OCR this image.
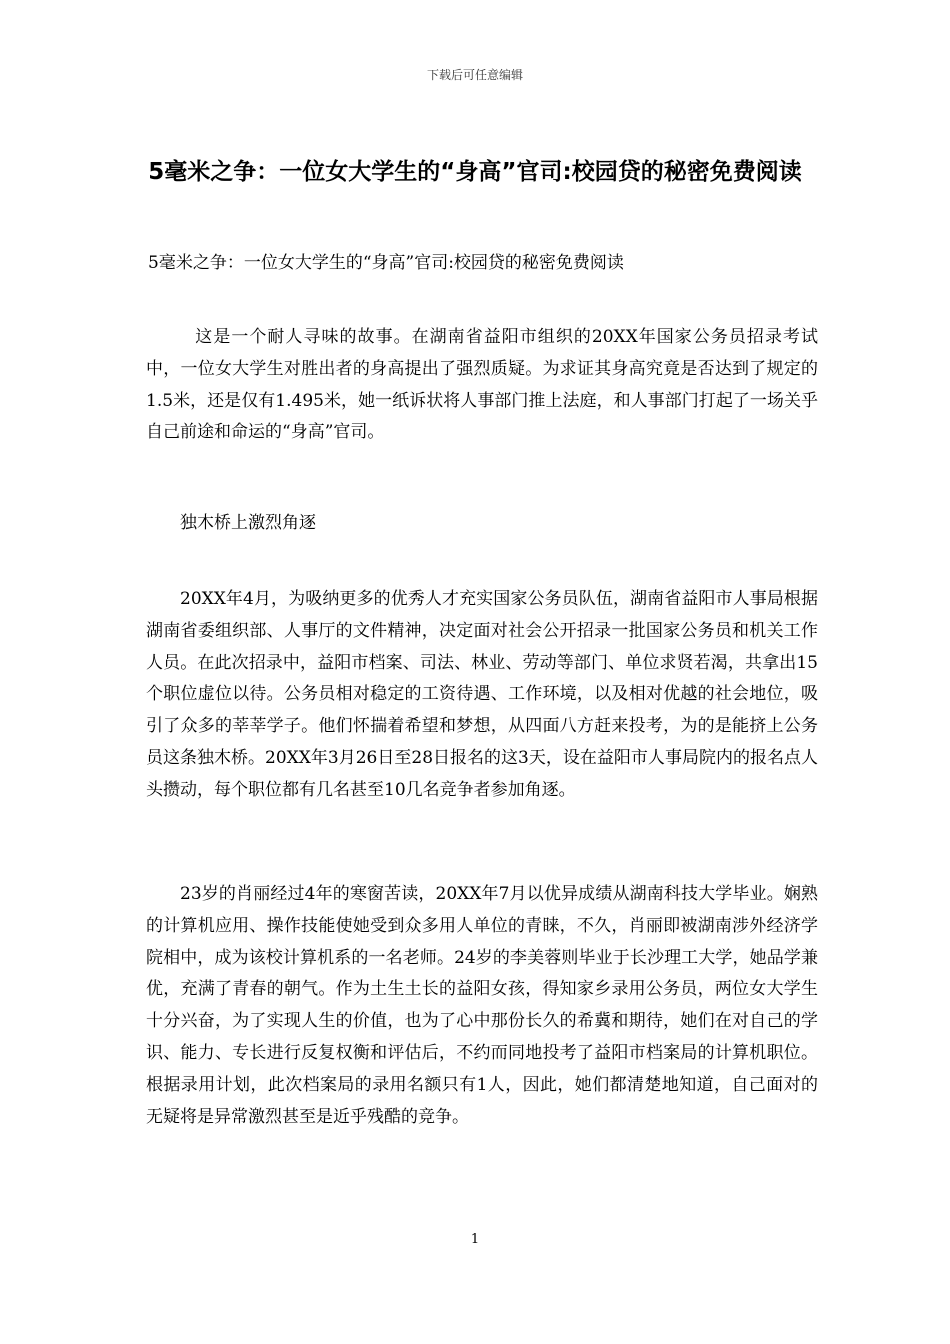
下载后可任意编辑
5毫米之争：一位女大学生的“身高”官司:校园贷的秘密免费阅读
5毫米之争：一位女大学生的“身高”官司:校园贷的秘密免费阅读

这是一个耐人寻味的故事。在湖南省益阳市组织的20XX年国家公务员招录考试中，一位女大学生对胜出者的身高提出了强烈质疑。为求证其身高究竟是否达到了规定的1.5米，还是仅有1.495米，她一纸诉状将人事部门推上法庭，和人事部门打起了一场关乎自己前途和命运的“身高”官司。

独木桥上激烈角逐

20XX年4月，为吸纳更多的优秀人才充实国家公务员队伍，湖南省益阳市人事局根据湖南省委组织部、人事厅的文件精神，决定面对社会公开招录一批国家公务员和机关工作人员。在此次招录中，益阳市档案、司法、林业、劳动等部门、单位求贤若渴，共拿出15个职位虚位以待。公务员相对稳定的工资待遇、工作环境，以及相对优越的社会地位，吸引了众多的莘莘学子。他们怀揣着希望和梦想，从四面八方赶来投考，为的是能挤上公务员这条独木桥。20XX年3月26日至28日报名的这3天，设在益阳市人事局院内的报名点人头攒动，每个职位都有几名甚至10几名竞争者参加角逐。

23岁的肖丽经过4年的寒窗苦读，20XX年7月以优异成绩从湖南科技大学毕业。娴熟的计算机应用、操作技能使她受到众多用人单位的青睐，不久，肖丽即被湖南涉外经济学院相中，成为该校计算机系的一名老师。24岁的李美蓉则毕业于长沙理工大学，她品学兼优，充满了青春的朝气。作为土生土长的益阳女孩，得知家乡录用公务员，两位女大学生十分兴奋，为了实现人生的价值，也为了心中那份长久的希冀和期待，她们在对自己的学识、能力、专长进行反复权衡和评估后，不约而同地投考了益阳市档案局的计算机职位。根据录用计划，此次档案局的录用名额只有1人，因此，她们都清楚地知道，自己面对的无疑将是异常激烈甚至是近乎残酷的竞争。

1
